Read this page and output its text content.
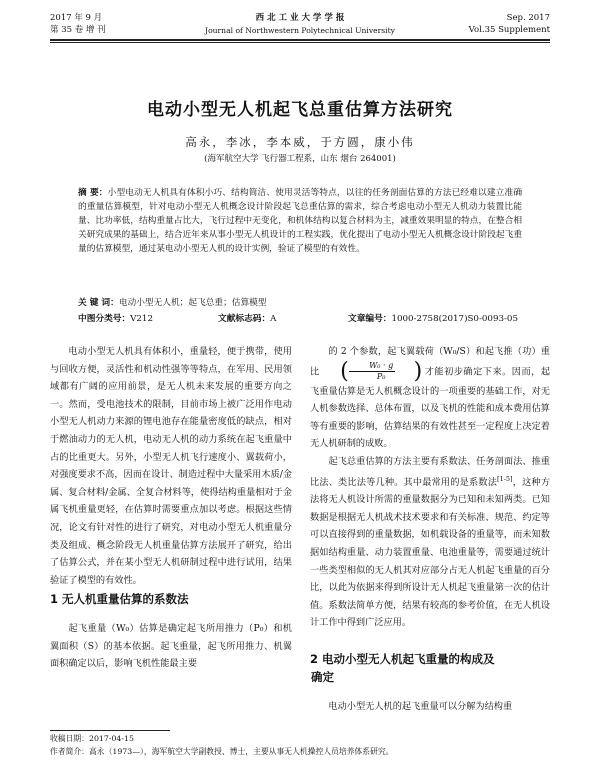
2017 年 9 月
第 35 卷 增 刊
西 北 工 业 大 学 学 报
Journal of Northwestern Polytechnical University
Sep. 2017
Vol.35 Supplement
电动小型无人机起飞总重估算方法研究
高永，李冰，李本威，于方圆，康小伟
(海军航空大学 飞行器工程系，山东 烟台 264001)
摘 要：小型电动无人机具有体积小巧、结构简洁、使用灵活等特点，以往的任务剖面估算的方法已经难以建立准确的重量估算模型，针对电动小型无人机概念设计阶段起飞总重估算的需求，综合考虑电动小型无人机动力装置比能量、比功率低，结构重量占比大，飞行过程中无变化，和机体结构以复合材料为主，减重效果明显的特点，在整合相关研究成果的基础上，结合近年来从事小型无人机设计的工程实践，优化提出了电动小型无人机概念设计阶段起飞重量的估算模型，通过某电动小型无人机的设计实例，验证了模型的有效性。
关 键 词：电动小型无人机；起飞总重；估算模型
中图分类号：V212	文献标志码：A	文章编号：1000-2758(2017)S0-0093-05

电动小型无人机具有体积小，重量轻，便于携带，使用与回收方便，灵活性和机动性强等等特点，在军用、民用领域都有广阔的应用前景，是无人机未来发展的重要方向之一。然而，受电池技术的限制，目前市场上被广泛用作电动小型无人机动力来源的锂电池存在能量密度低的缺点，相对于燃油动力的无人机，电动无人机的动力系统在起飞重量中占的比重更大。另外，小型无人机飞行速度小、翼载荷小，对强度要求不高，因而在设计、制造过程中大量采用木质/金属、复合材料/金属、全复合材料等，使得结构重量相对于金属飞机重量更轻，在估算时需要重点加以考虑。根据这些情况，论文有针对性的进行了研究，对电动小型无人机重量分类及组成、概念阶段无人机重量估算方法展开了研究，给出了估算公式，并在某小型无人机研制过程中进行试用，结果验证了模型的有效性。

1 无人机重量估算的系数法

起飞重量（W₀）估算是确定起飞所用推力（P₀）和机翼面积（S）的基本依据。起飞重量，起飞所用推力、机翼面积确定以后，影响飞机性能最主要

的 2 个参数，起飞翼载荷（W₀/S）和起飞推（功）重比 ( $\frac{\text{W₀ · g}}{\text{P₀}}$ ) 才能初步确定下来。因而，起飞重量估算是无人机概念设计的一项重要的基础工作，对无人机参数选择、总体布置，以及飞机的性能和成本费用估算等有重要的影响，估算结果的有效性甚至一定程度上决定着无人机研制的成败。

起飞总重估算的方法主要有系数法、任务剖面法、推重比法、类比法等几种。其中最常用的是系数法[1-5]，这种方法将无人机设计所需的重量数据分为已知和未知两类。已知数据是根据无人机战术技术要求和有关标准、规范、约定等可以直接得到的重量数据，如机载设备的重量等，而未知数据如结构重量、动力装置重量、电池重量等，需要通过统计一些类型相似的无人机其对应部分占无人机起飞重量的百分比，以此为依据来得到所设计无人机起飞重量第一次的估计值。系数法简单方便，结果有较高的参考价值，在无人机设计工作中得到广泛应用。

2 电动小型无人机起飞重量的构成及
确定

电动小型无人机的起飞重量可以分解为结构重

收稿日期：2017-04-15
作者简介：高永（1973—），海军航空大学副教授、博士，主要从事无人机操控人员培养体系研究。
